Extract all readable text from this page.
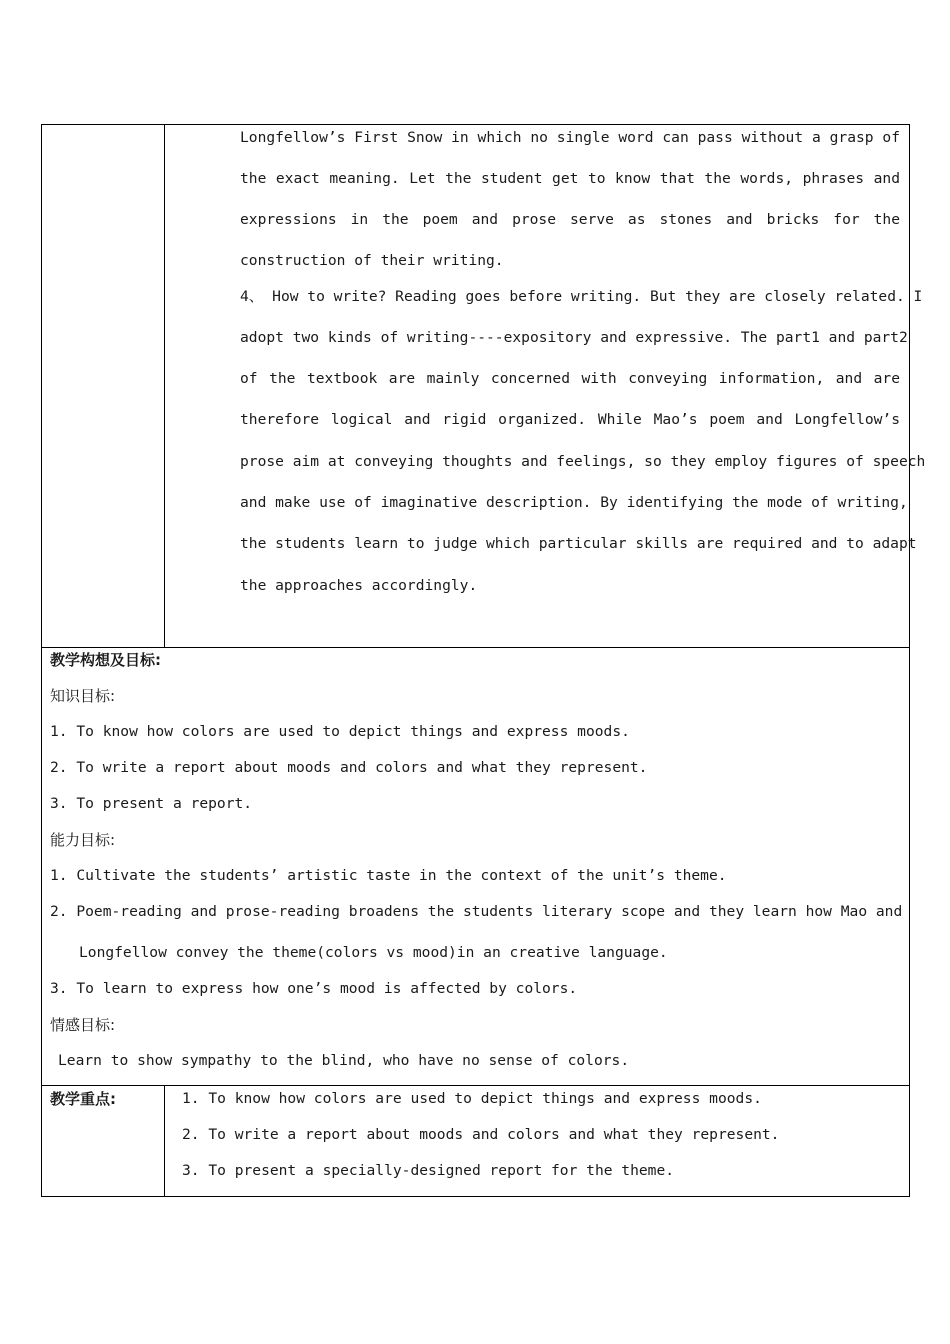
Longfellow’s First Snow in which no single word can pass without a grasp of
the exact meaning. Let the student get to know that the words, phrases and
expressions in the poem and prose serve as stones and bricks for the
construction of their writing.
4、 How to write? Reading goes before writing. But they are closely related. I
adopt two kinds of writing----expository and expressive. The part1 and part2
of the textbook are mainly concerned with conveying information, and are
therefore logical and rigid organized. While Mao’s poem and Longfellow’s
prose aim at conveying thoughts and feelings, so they employ figures of speech
and make use of imaginative description. By identifying the mode of writing,
the students learn to judge which particular skills are required and to adapt
the approaches accordingly.
教学构想及目标:
知识目标:
1. To know how colors are used to depict things and express moods.
2. To write a report about moods and colors and what they represent.
3. To present a report.
能力目标:
1. Cultivate the students’ artistic taste in the context of the unit’s theme.
2. Poem-reading and prose-reading broadens the students literary scope and they learn how Mao and
Longfellow convey the theme(colors vs mood)in an creative language.
3. To learn to express how one’s mood is affected by colors.
情感目标:
Learn to show sympathy to the blind, who have no sense of colors.
教学重点:	1. To know how colors are used to depict things and express moods.
2. To write a report about moods and colors and what they represent.
3. To present a specially-designed report for the theme.
